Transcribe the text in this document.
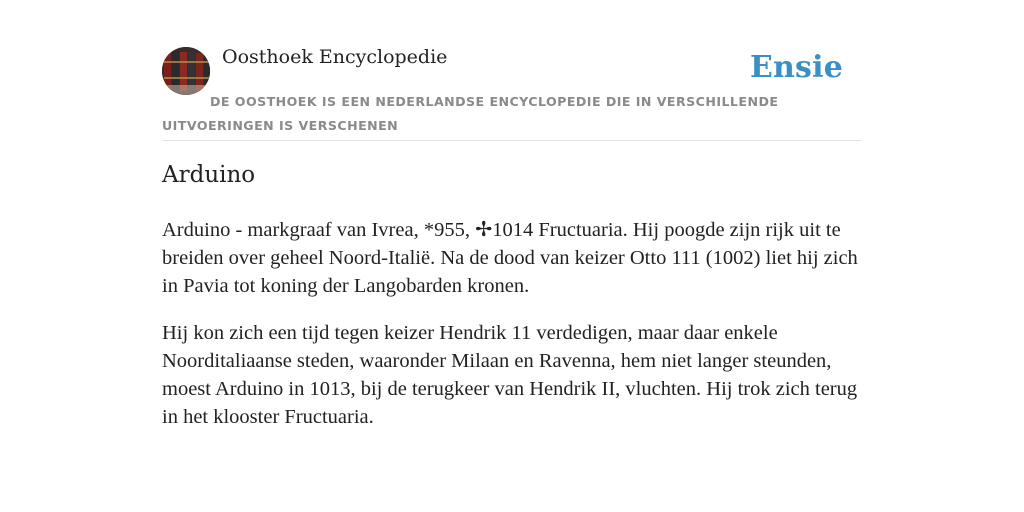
Oosthoek Encyclopedie	Ensie
DE OOSTHOEK IS EEN NEDERLANDSE ENCYCLOPEDIE DIE IN VERSCHILLENDE UITVOERINGEN IS VERSCHENEN
Arduino

Arduino - markgraaf van Ivrea, *955, ✢1014 Fructuaria. Hij poogde zijn rijk uit te breiden over geheel Noord-Italië. Na de dood van keizer Otto 111 (1002) liet hij zich in Pavia tot koning der Langobarden kronen.

Hij kon zich een tijd tegen keizer Hendrik 11 verdedigen, maar daar enkele Noorditaliaanse steden, waaronder Milaan en Ravenna, hem niet langer steunden, moest Arduino in 1013, bij de terugkeer van Hendrik II, vluchten. Hij trok zich terug in het klooster Fructuaria.
